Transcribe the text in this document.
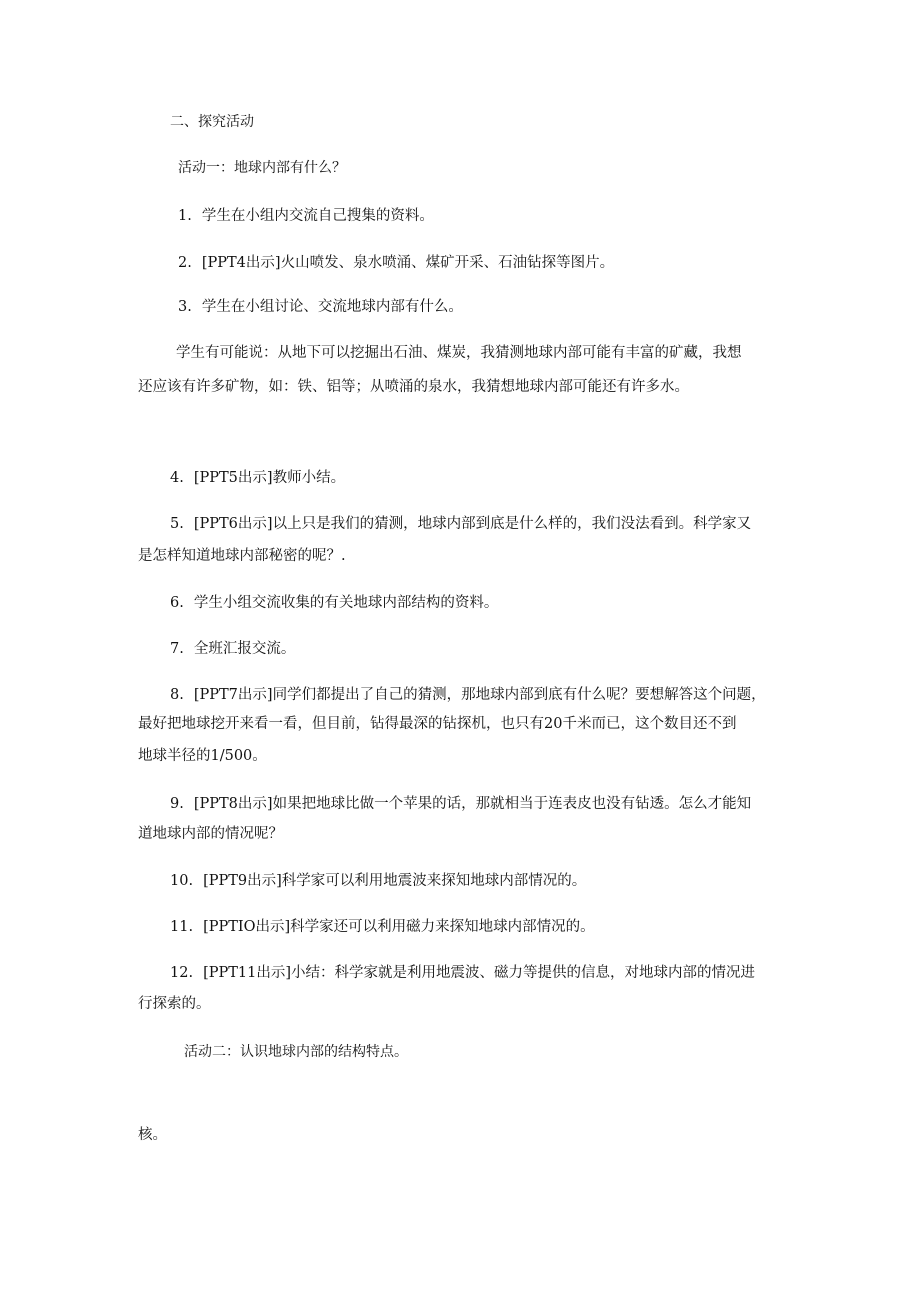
二、探究活动
活动一：地球内部有什么？
1. 学生在小组内交流自己搜集的资料。
2. [PPT4出示]火山喷发、泉水喷涌、煤矿开采、石油钻探等图片。
3. 学生在小组讨论、交流地球内部有什么。
学生有可能说：从地下可以挖掘出石油、煤炭，我猜测地球内部可能有丰富的矿藏，我想
还应该有许多矿物，如：铁、铝等；从喷涌的泉水，我猜想地球内部可能还有许多水。
4. [PPT5出示]教师小结。
5. [PPT6出示]以上只是我们的猜测，地球内部到底是什么样的，我们没法看到。科学家又
是怎样知道地球内部秘密的呢？.
6. 学生小组交流收集的有关地球内部结构的资料。
7. 全班汇报交流。
8. [PPT7出示]同学们都提出了自己的猜测，那地球内部到底有什么呢？要想解答这个问题，
最好把地球挖开来看一看，但目前，钻得最深的钻探机，也只有20千米而已，这个数目还不到
地球半径的1/500。
9. [PPT8出示]如果把地球比做一个苹果的话，那就相当于连表皮也没有钻透。怎么才能知
道地球内部的情况呢？
10. [PPT9出示]科学家可以利用地震波来探知地球内部情况的。
11. [PPTIO出示]科学家还可以利用磁力来探知地球内部情况的。
12. [PPT11出示]小结：科学家就是利用地震波、磁力等提供的信息，对地球内部的情况进
行探索的。
活动二：认识地球内部的结构特点。
核。
